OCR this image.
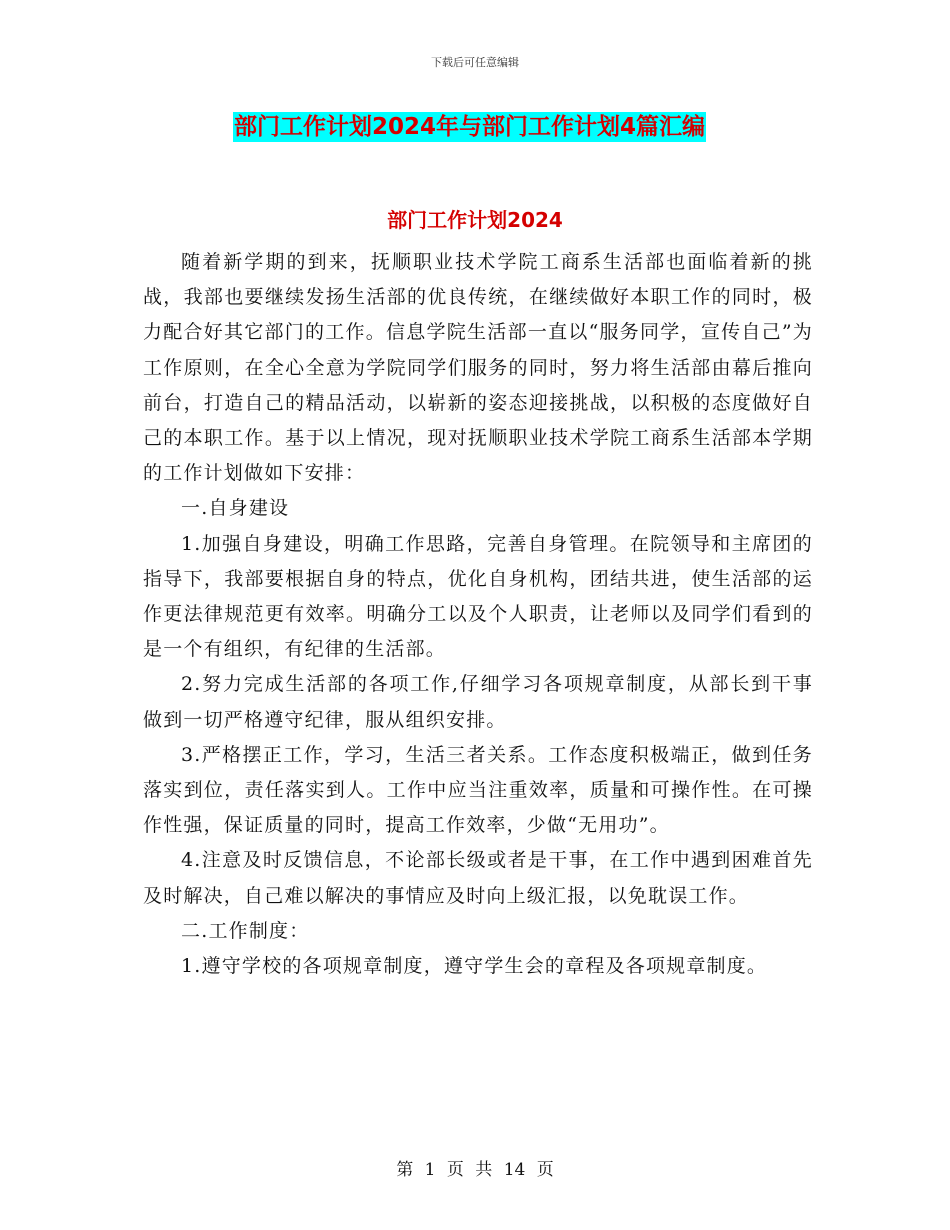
下载后可任意编辑
部门工作计划2024年与部门工作计划4篇汇编
部门工作计划2024

随着新学期的到来，抚顺职业技术学院工商系生活部也面临着新的挑战，我部也要继续发扬生活部的优良传统，在继续做好本职工作的同时，极力配合好其它部门的工作。信息学院生活部一直以“服务同学，宣传自己”为工作原则，在全心全意为学院同学们服务的同时，努力将生活部由幕后推向前台，打造自己的精品活动，以崭新的姿态迎接挑战，以积极的态度做好自己的本职工作。基于以上情况，现对抚顺职业技术学院工商系生活部本学期的工作计划做如下安排：

一.自身建设

1.加强自身建设，明确工作思路，完善自身管理。在院领导和主席团的指导下，我部要根据自身的特点，优化自身机构，团结共进，使生活部的运作更法律规范更有效率。明确分工以及个人职责，让老师以及同学们看到的是一个有组织，有纪律的生活部。

2.努力完成生活部的各项工作,仔细学习各项规章制度，从部长到干事做到一切严格遵守纪律，服从组织安排。

3.严格摆正工作，学习，生活三者关系。工作态度积极端正，做到任务落实到位，责任落实到人。工作中应当注重效率，质量和可操作性。在可操作性强，保证质量的同时，提高工作效率，少做“无用功”。

4.注意及时反馈信息，不论部长级或者是干事，在工作中遇到困难首先及时解决，自己难以解决的事情应及时向上级汇报，以免耽误工作。

二.工作制度：

1.遵守学校的各项规章制度，遵守学生会的章程及各项规章制度。

第 1 页 共 14 页
